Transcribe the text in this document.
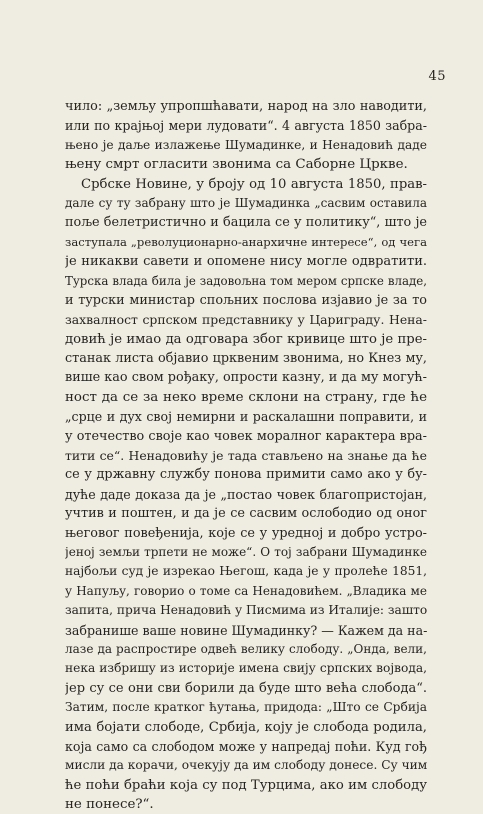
45
чило: „земљу упропшћавати, народ на зло наводити,
или по крајњој мери лудовати“. 4 августа 1850 забра-
њено је даље излажење Шумадинке, и Ненадовић даде
њену смрт огласити звонима са Саборне Цркве.
Србске Новине, у броју од 10 августа 1850, прав-
дале су ту забрану што је Шумадинка „сасвим оставила
поље белетристично и бацила се у политику“, што је
заступала „револуционарно-анархичне интересе“, од чега
је никакви савети и опомене нису могле одвратити.
Турска влада била је задовољна том мером српске владе,
и турски министар спољних послова изјавио је за то
захвалност српском представнику у Цариграду. Нена-
довић је имао да одговара због кривице што је пре-
станак листа објавио црквеним звонима, но Кнез му,
више као свом рођаку, опрости казну, и да му могућ-
ност да се за неко време склони на страну, где ће
„срце и дух свој немирни и раскалашни поправити, и
у отечество своје као човек моралног карактера вра-
тити се“. Ненадовићу је тада стављено на знање да ће
се у државну службу понова примити само ако у бу-
дуће даде доказа да је „постао човек благопристојан,
учтив и поштен, и да је се сасвим ослободио од оног
његовог повеђенија, које се у уредној и добро устро-
јеној земљи трпети не може“. О тој забрани Шумадинке
најбољи суд је изрекао Његош, када је у пролеће 1851,
у Напуљу, говорио о томе са Ненадовићем. „Владика ме
запита, прича Ненадовић у Писмима из Италије: зашто
забранише ваше новине Шумадинку? — Кажем да на-
лазе да распростире одвећ велику слободу. „Онда, вели,
нека избришу из историје имена свију српских војвода,
јер су се они сви борили да буде што већа слобода“.
Затим, после кратког ћутања, придода: „Што се Србија
има бојати слободе, Србија, коју је слобода родила,
која само са слободом може у напредај поћи. Куд гођ
мисли да корачи, очекују да им слободу донесе. Су чим
ће поћи браћи која су под Турцима, ако им слободу
не понесе?“.
